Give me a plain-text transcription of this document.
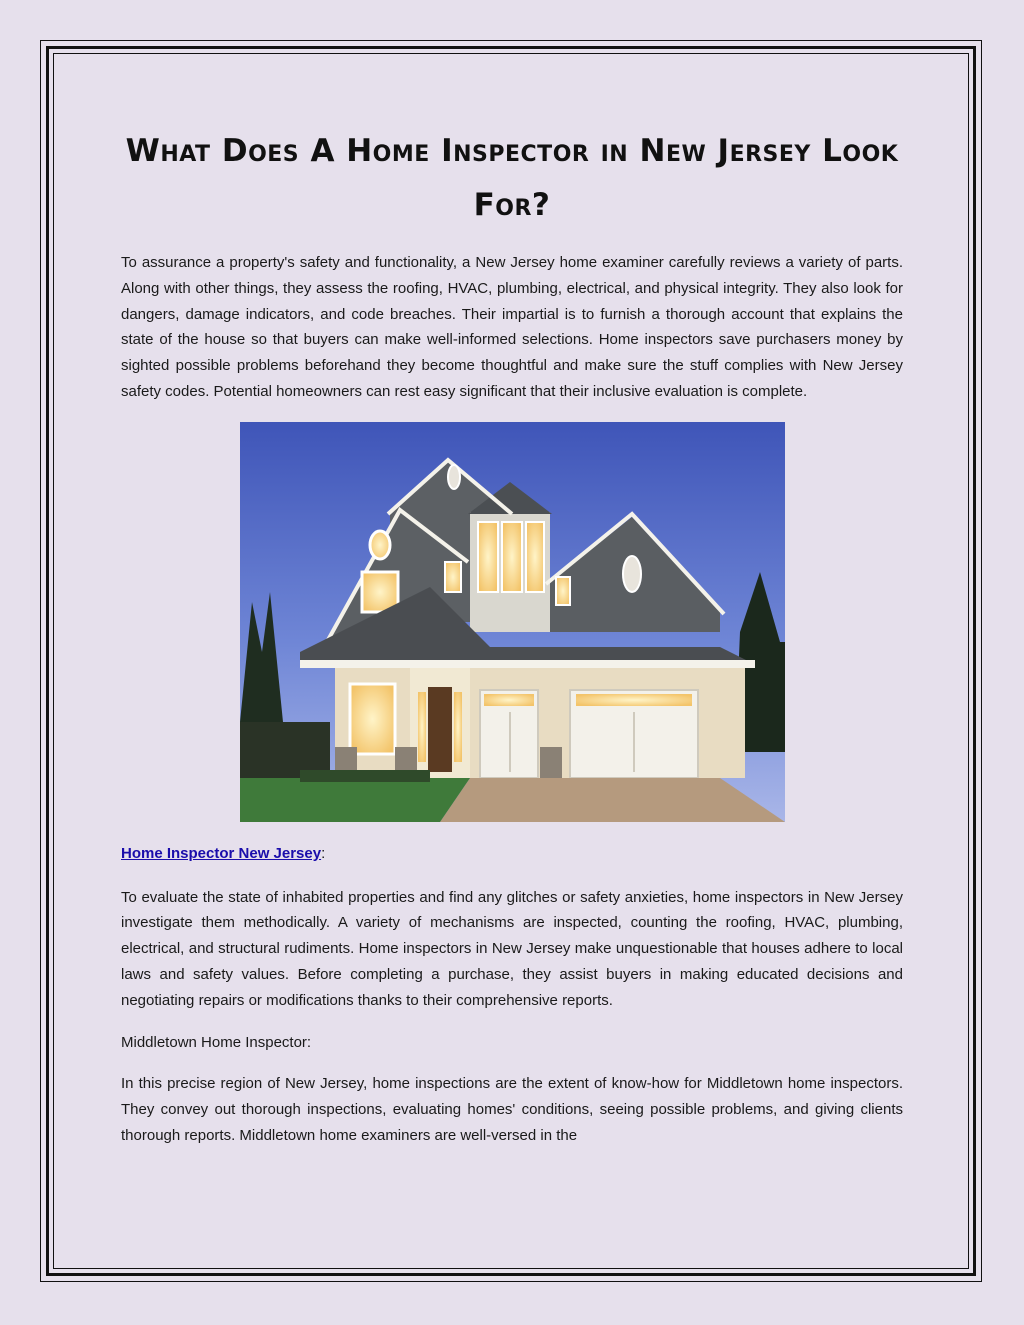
What Does A Home Inspector in New Jersey Look For?

To assurance a property's safety and functionality, a New Jersey home examiner carefully reviews a variety of parts. Along with other things, they assess the roofing, HVAC, plumbing, electrical, and physical integrity. They also look for dangers, damage indicators, and code breaches. Their impartial is to furnish a thorough account that explains the state of the house so that buyers can make well-informed selections. Home inspectors save purchasers money by sighted possible problems beforehand they become thoughtful and make sure the stuff complies with New Jersey safety codes. Potential homeowners can rest easy significant that their inclusive evaluation is complete.

Home Inspector New Jersey:

To evaluate the state of inhabited properties and find any glitches or safety anxieties, home inspectors in New Jersey investigate them methodically. A variety of mechanisms are inspected, counting the roofing, HVAC, plumbing, electrical, and structural rudiments. Home inspectors in New Jersey make unquestionable that houses adhere to local laws and safety values. Before completing a purchase, they assist buyers in making educated decisions and negotiating repairs or modifications thanks to their comprehensive reports.

Middletown Home Inspector:

In this precise region of New Jersey, home inspections are the extent of know-how for Middletown home inspectors. They convey out thorough inspections, evaluating homes' conditions, seeing possible problems, and giving clients thorough reports. Middletown home examiners are well-versed in the
